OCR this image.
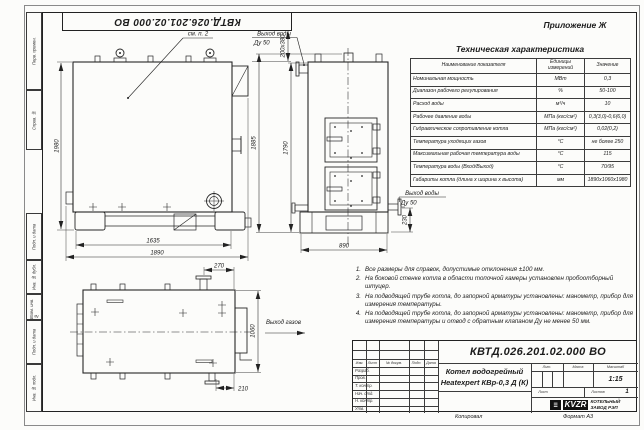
1635
1890
1980
200х380
1885	1790
890
230
270
1060
210
см. п. 2	Выход воды
Ду 50
Выход воды
Ду 50
Выход газов
Перв. примен.
Справ. №
Подп. и дата
Инв. № дубл.
Взам. инв. №
Подп. и дата
Инв. № подл.
КВТД.026.201.02.000 ВО	Приложение Ж
Техническая характеристика
Наименование показателя	Единицы измерений	Значение
Номинальная мощность	МВт	0,3
Диапазон рабочего регулирования	%	50-100
Расход воды	м³/ч	10
Рабочее давление воды	МПа (кгс/см²)	0,3(3,0)-0,6(6,0)
Гидравлическое сопротивление котла	МПа (кгс/см²)	0,02(0,2)
Температура уходящих газов	°С	не более 250
Максимальная рабочая температура воды	°С	115
Температура воды (Вход/Выход)	°С	70/95
Габариты котла (длина х ширина х высота)	мм	1890х1060х1980
1. Все размеры для справок, допустимые отклонения ±100 мм.
2. На боковой стенке котла в области топочной камеры установлен пробоотборный штуцер.
3. На подводящей трубе котла, до запорной арматуры установлены: манометр, прибор для измерения температуры.
4. На подводящей трубе котла, до запорной арматуры установлены: манометр, прибор для измерения температуры и отвод с обратным клапаном Ду не менее 50 мм.
КВТД.026.201.02.000 ВО
Котел водогрейный
Heatexpert КВр-0,3 Д (К)
Изм.	Лист	№ докум.	Подп.	Дата
Разраб.
Пров.
Т. контр.
Нач. отд.
Н. контр.
Утв.
Лит.	Масса	Масштаб
1:15
Лист	Листов	1
≡ KVZR КОТЕЛЬНЫЙ
ЗАВОД РЭП
Копировал	Формат А3
